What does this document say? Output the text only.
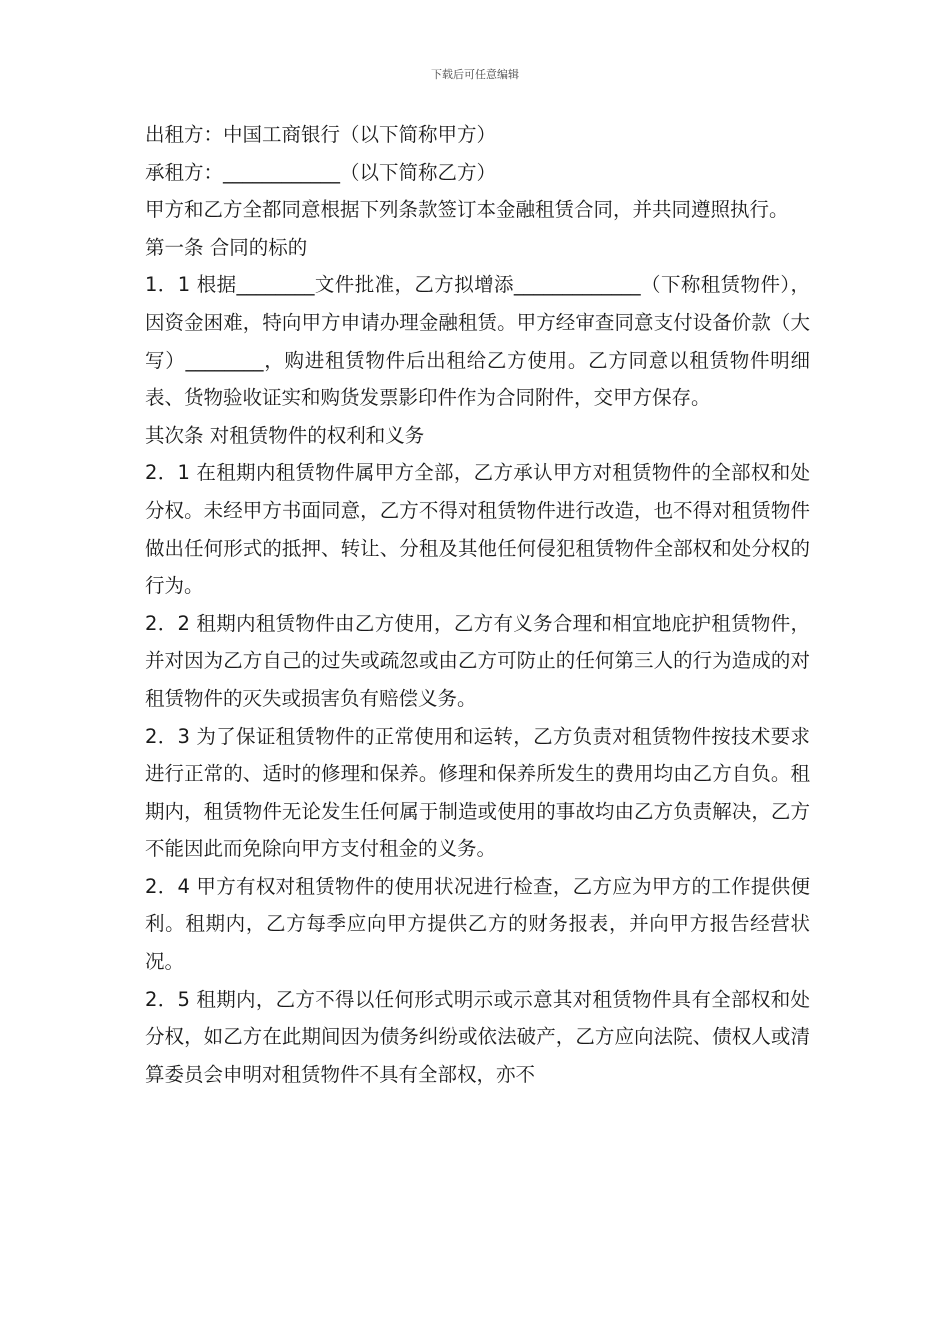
下载后可任意编辑

出租方：中国工商银行（以下简称甲方）

承租方：____________（以下简称乙方）

甲方和乙方全都同意根据下列条款签订本金融租赁合同，并共同遵照执行。

第一条 合同的标的

1．1 根据________文件批准，乙方拟增添_____________（下称租赁物件），因资金困难，特向甲方申请办理金融租赁。甲方经审查同意支付设备价款（大写）________，购进租赁物件后出租给乙方使用。乙方同意以租赁物件明细表、货物验收证实和购货发票影印件作为合同附件，交甲方保存。

其次条 对租赁物件的权利和义务

2．1 在租期内租赁物件属甲方全部，乙方承认甲方对租赁物件的全部权和处分权。未经甲方书面同意，乙方不得对租赁物件进行改造，也不得对租赁物件做出任何形式的抵押、转让、分租及其他任何侵犯租赁物件全部权和处分权的行为。

2．2 租期内租赁物件由乙方使用，乙方有义务合理和相宜地庇护租赁物件，并对因为乙方自己的过失或疏忽或由乙方可防止的任何第三人的行为造成的对租赁物件的灭失或损害负有赔偿义务。

2．3 为了保证租赁物件的正常使用和运转，乙方负责对租赁物件按技术要求进行正常的、适时的修理和保养。修理和保养所发生的费用均由乙方自负。租期内，租赁物件无论发生任何属于制造或使用的事故均由乙方负责解决，乙方不能因此而免除向甲方支付租金的义务。

2．4 甲方有权对租赁物件的使用状况进行检查，乙方应为甲方的工作提供便利。租期内，乙方每季应向甲方提供乙方的财务报表，并向甲方报告经营状况。

2．5 租期内，乙方不得以任何形式明示或示意其对租赁物件具有全部权和处分权，如乙方在此期间因为债务纠纷或依法破产，乙方应向法院、债权人或清算委员会申明对租赁物件不具有全部权，亦不
